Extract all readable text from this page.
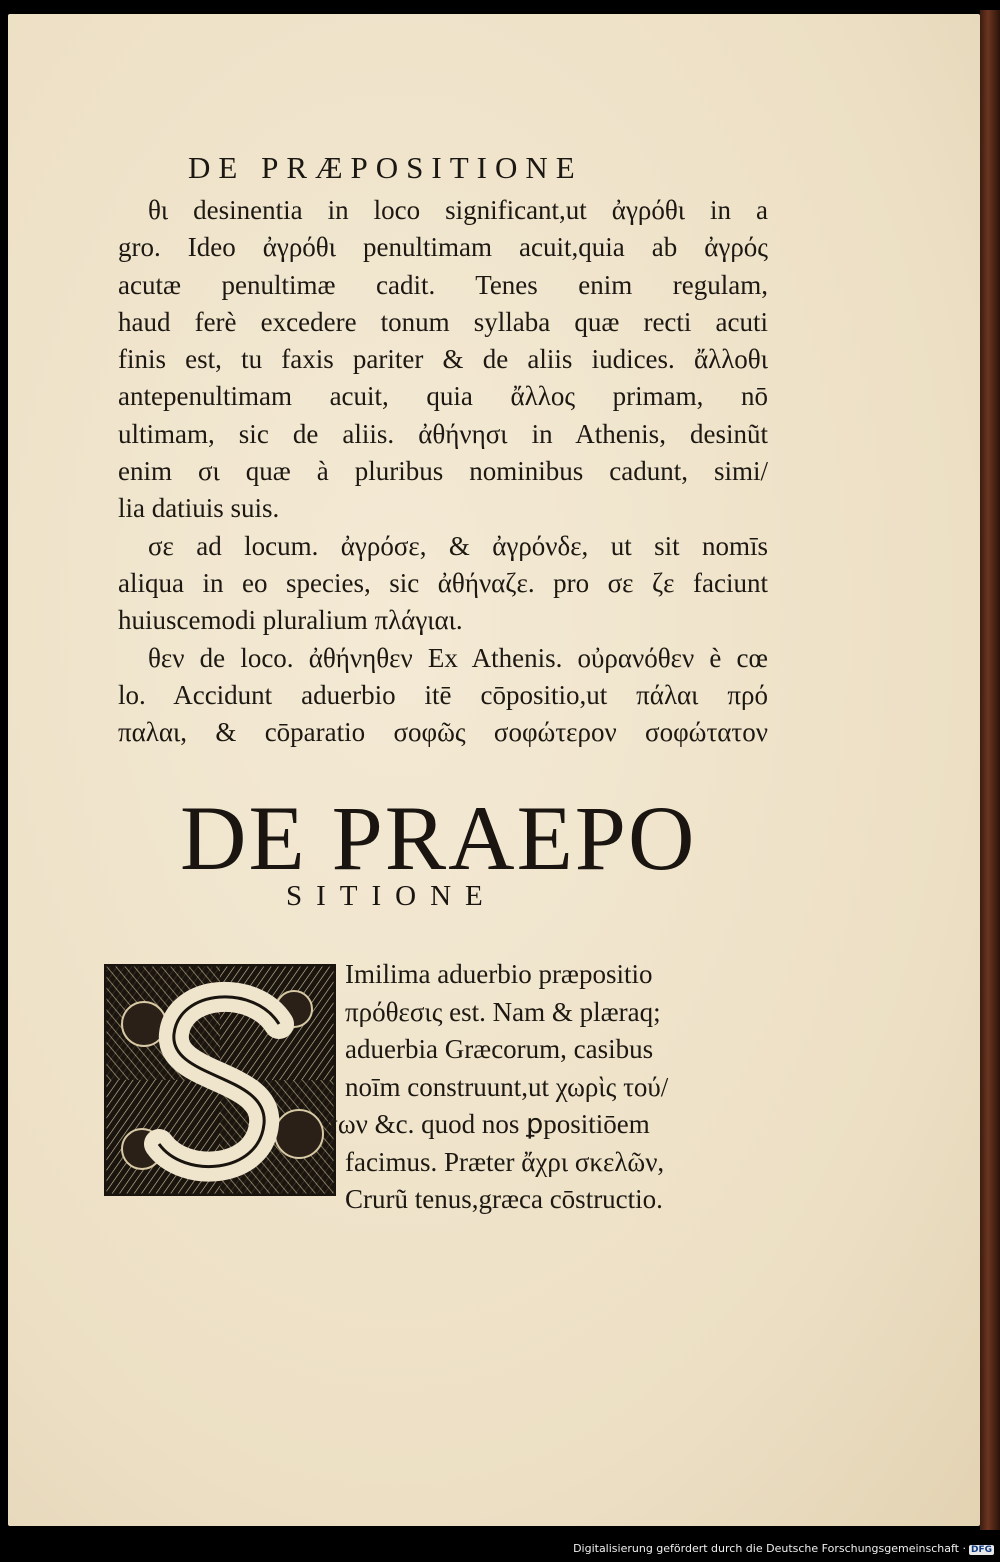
DE PRÆPOSITIONE
θι desinentia in loco significant,ut ἀγρόθι in a
gro. Ideo ἀγρόθι penultimam acuit,quia ab ἀγρός
acutæ penultimæ cadit. Tenes enim regulam,
haud ferè excedere tonum syllaba quæ recti acuti
finis est, tu faxis pariter & de aliis iudices. ἄλλοθι
antepenultimam acuit, quia ἄλλος primam, nō
ultimam, sic de aliis. ἀθήνησι in Athenis, desinũt
enim σι quæ à pluribus nominibus cadunt, simi/
lia datiuis suis.
σε ad locum. ἀγρόσε, & ἀγρόνδε, ut sit nomīs
aliqua in eo species, sic ἀθήναζε. pro σε ζε faciunt
huiuscemodi pluralium πλάγιαι.
θεν de loco. ἀθήνηθεν Ex Athenis. οὐρανόθεν è cœ
lo. Accidunt aduerbio itē cōpositio,ut πάλαι πρό
παλαι, & cōparatio σοφῶς σοφώτερον σοφώτατον
DE PRAEPO
SITIONE
Imilima aduerbio præpositio
πρόθεσις est. Nam & plæraq;
aduerbia Græcorum, casibus
noīm construunt,ut χωρὶς τού/
των &c. quod nos ꝑpositiōem
facimus. Præter ἄχρι σκελῶν,
Crurũ tenus,græca cōstructio.
Digitalisierung gefördert durch die Deutsche Forschungsgemeinschaft · DFG
